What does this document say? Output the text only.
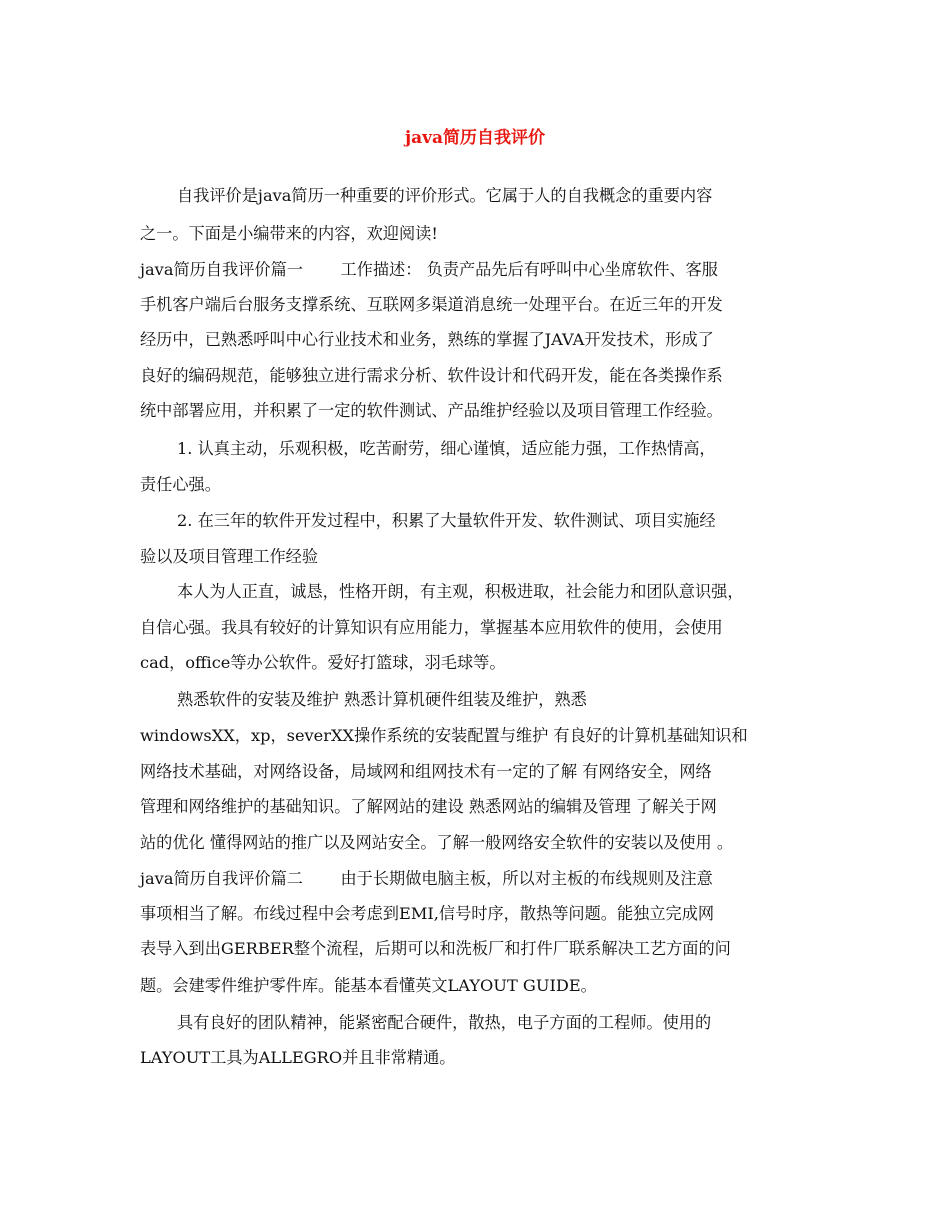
java简历自我评价
自我评价是java简历一种重要的评价形式。它属于人的自我概念的重要内容
之一。下面是小编带来的内容，欢迎阅读!
java简历自我评价篇一　　 工作描述： 负责产品先后有呼叫中心坐席软件、客服
手机客户端后台服务支撑系统、互联网多渠道消息统一处理平台。在近三年的开发
经历中，已熟悉呼叫中心行业技术和业务，熟练的掌握了JAVA开发技术，形成了
良好的编码规范，能够独立进行需求分析、软件设计和代码开发，能在各类操作系
统中部署应用，并积累了一定的软件测试、产品维护经验以及项目管理工作经验。
1. 认真主动，乐观积极，吃苦耐劳，细心谨慎，适应能力强，工作热情高，
责任心强。
2. 在三年的软件开发过程中，积累了大量软件开发、软件测试、项目实施经
验以及项目管理工作经验
本人为人正直，诚恳，性格开朗，有主观，积极进取，社会能力和团队意识强，
自信心强。我具有较好的计算知识有应用能力，掌握基本应用软件的使用，会使用
cad，office等办公软件。爱好打篮球，羽毛球等。
熟悉软件的安装及维护 熟悉计算机硬件组装及维护，熟悉
windowsXX，xp，severXX操作系统的安装配置与维护 有良好的计算机基础知识和
网络技术基础，对网络设备，局域网和组网技术有一定的了解 有网络安全，网络
管理和网络维护的基础知识。了解网站的建设 熟悉网站的编辑及管理 了解关于网
站的优化 懂得网站的推广以及网站安全。了解一般网络安全软件的安装以及使用 。
java简历自我评价篇二　　 由于长期做电脑主板，所以对主板的布线规则及注意
事项相当了解。布线过程中会考虑到EMI,信号时序，散热等问题。能独立完成网
表导入到出GERBER整个流程，后期可以和洗板厂和打件厂联系解决工艺方面的问
题。会建零件维护零件库。能基本看懂英文LAYOUT GUIDE。
具有良好的团队精神，能紧密配合硬件，散热，电子方面的工程师。使用的
LAYOUT工具为ALLEGRO并且非常精通。
